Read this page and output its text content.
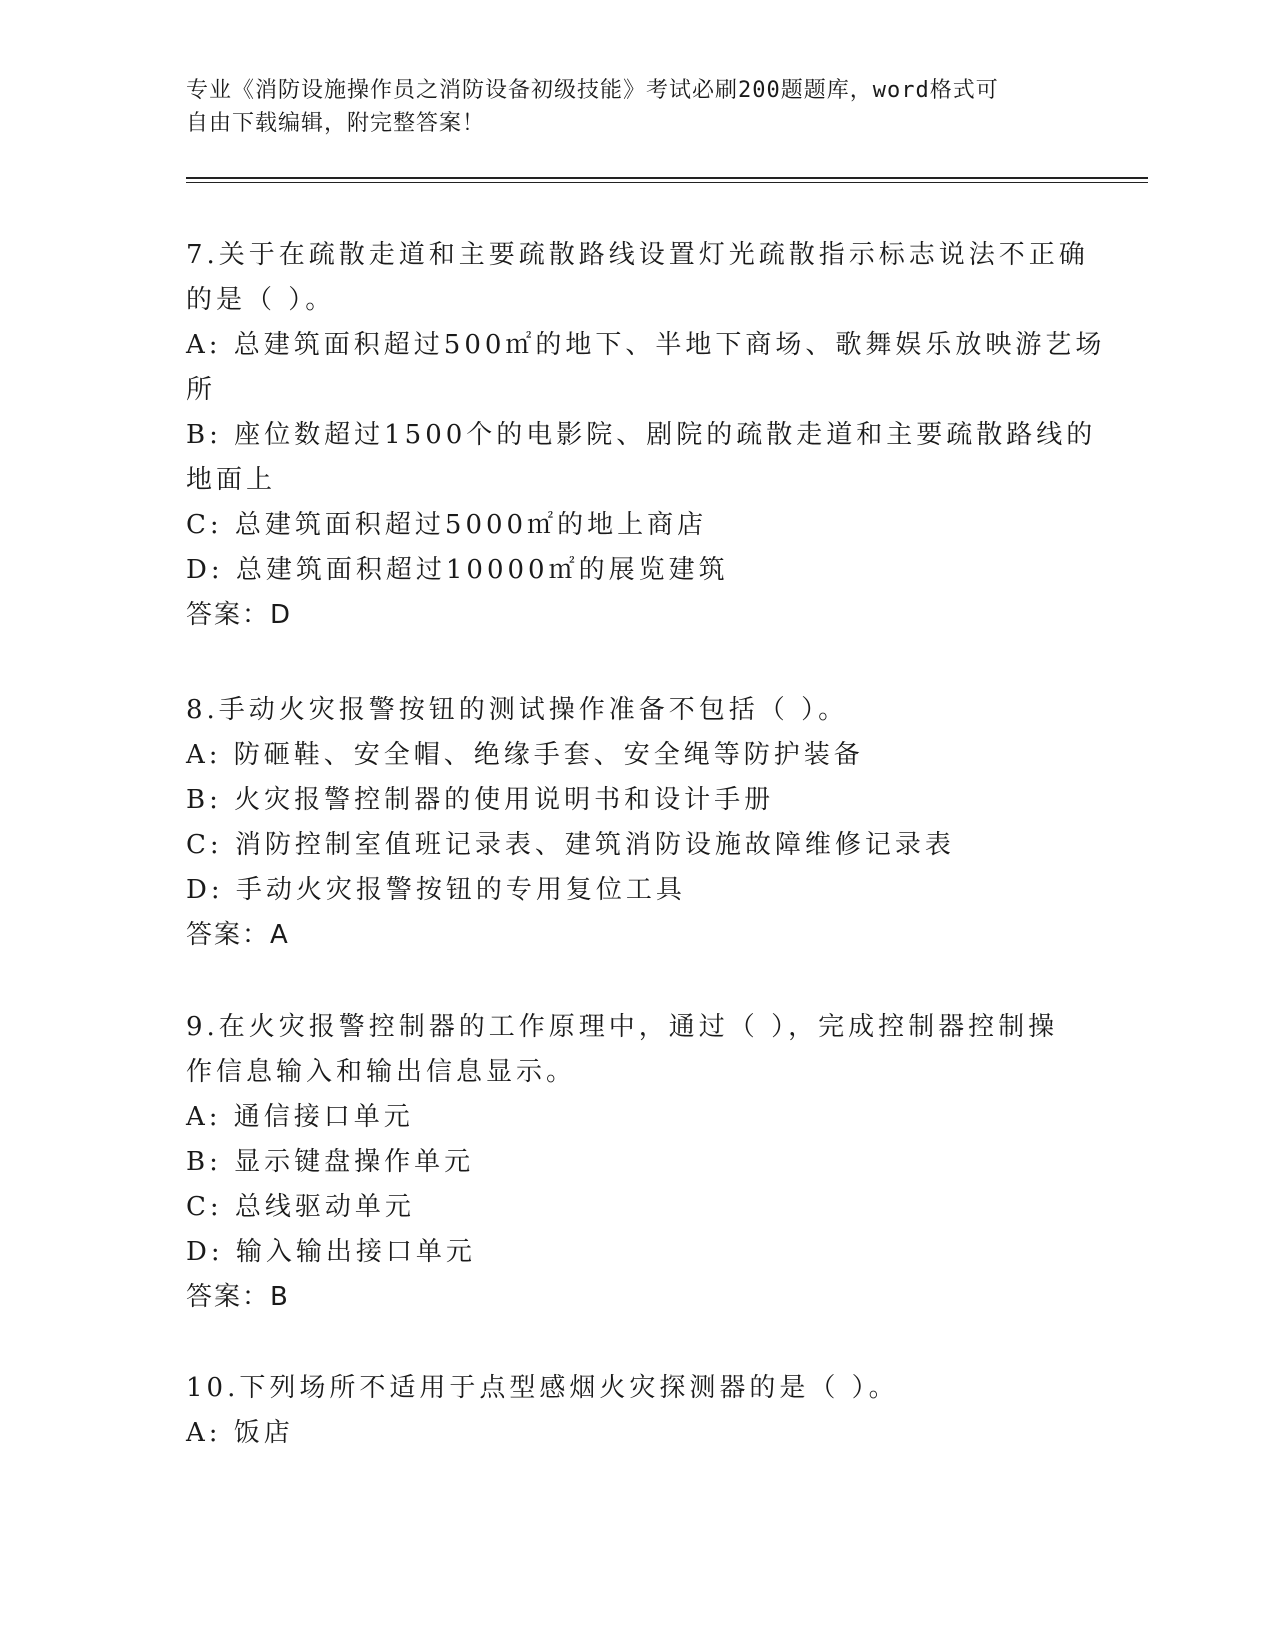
专业《消防设施操作员之消防设备初级技能》考试必刷200题题库，word格式可
自由下载编辑，附完整答案！
7.关于在疏散走道和主要疏散路线设置灯光疏散指示标志说法不正确
的是（ ）。
A: 总建筑面积超过500㎡的地下、半地下商场、歌舞娱乐放映游艺场
所
B: 座位数超过1500个的电影院、剧院的疏散走道和主要疏散路线的
地面上
C: 总建筑面积超过5000㎡的地上商店
D: 总建筑面积超过10000㎡的展览建筑
答案：D
8.手动火灾报警按钮的测试操作准备不包括（ ）。
A: 防砸鞋、安全帽、绝缘手套、安全绳等防护装备
B: 火灾报警控制器的使用说明书和设计手册
C: 消防控制室值班记录表、建筑消防设施故障维修记录表
D: 手动火灾报警按钮的专用复位工具
答案：A
9.在火灾报警控制器的工作原理中，通过（ ），完成控制器控制操
作信息输入和输出信息显示。
A: 通信接口单元
B: 显示键盘操作单元
C: 总线驱动单元
D: 输入输出接口单元
答案：B
10.下列场所不适用于点型感烟火灾探测器的是（ ）。
A: 饭店
